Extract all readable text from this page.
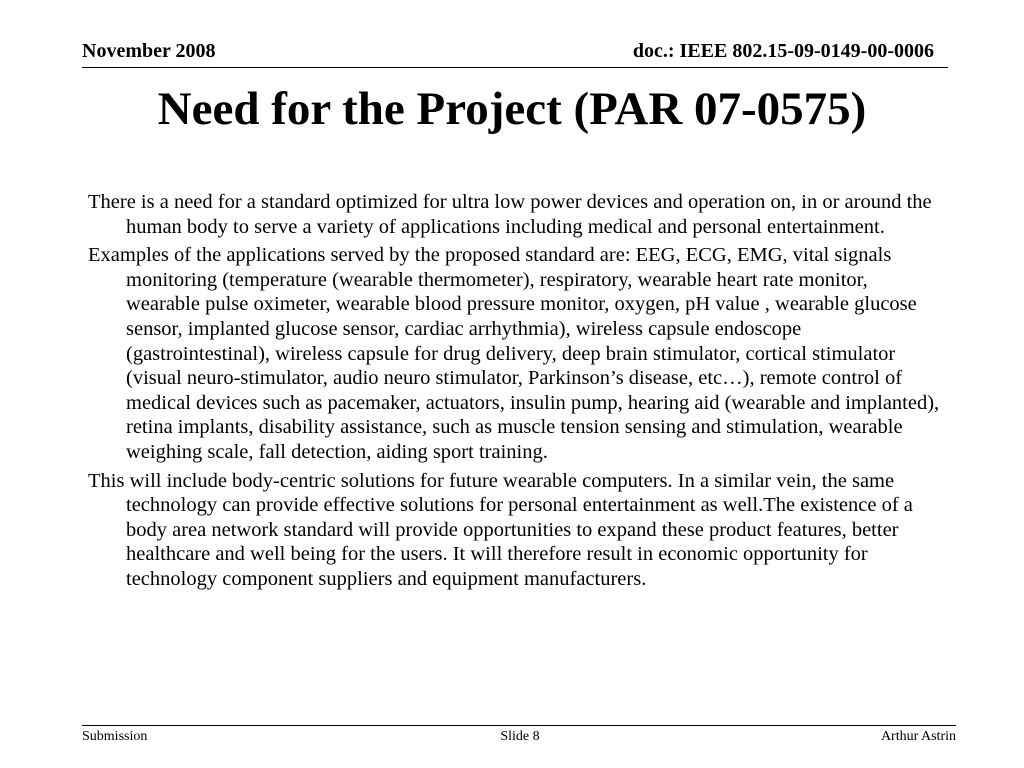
November 2008	doc.: IEEE 802.15-09-0149-00-0006
Need for the Project (PAR 07-0575)

There is a need for a standard optimized for ultra low power devices and operation on, in or around the human body to serve a variety of applications including medical and personal entertainment.

Examples of the applications served by the proposed standard are: EEG, ECG, EMG, vital signals monitoring (temperature (wearable thermometer), respiratory, wearable heart rate monitor, wearable pulse oximeter, wearable blood pressure monitor, oxygen, pH value , wearable glucose sensor, implanted glucose sensor, cardiac arrhythmia), wireless capsule endoscope (gastrointestinal), wireless capsule for drug delivery, deep brain stimulator, cortical stimulator (visual neuro-stimulator, audio neuro stimulator, Parkinson’s disease, etc…), remote control of medical devices such as pacemaker, actuators, insulin pump, hearing aid (wearable and implanted), retina implants, disability assistance, such as muscle tension sensing and stimulation, wearable weighing scale, fall detection, aiding sport training.

This will include body-centric solutions for future wearable computers. In a similar vein, the same technology can provide effective solutions for personal entertainment as well.The existence of a body area network standard will provide opportunities to expand these product features, better healthcare and well being for the users. It will therefore result in economic opportunity for technology component suppliers and equipment manufacturers.

Submission	Slide 8	Arthur Astrin
